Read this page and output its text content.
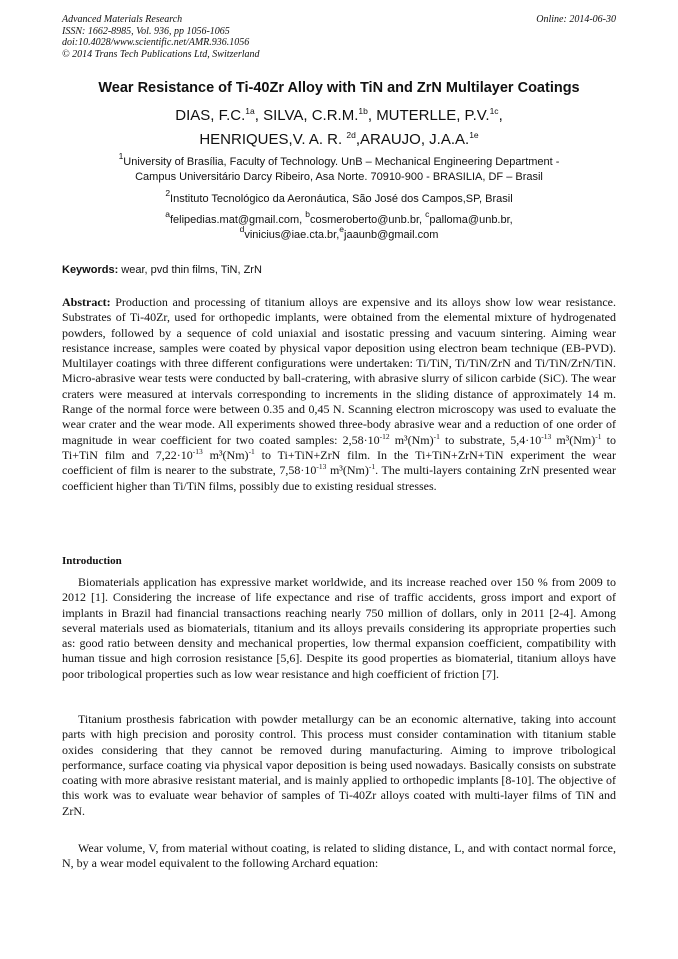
Advanced Materials Research
ISSN: 1662-8985, Vol. 936, pp 1056-1065
doi:10.4028/www.scientific.net/AMR.936.1056
© 2014 Trans Tech Publications Ltd, Switzerland
Online: 2014-06-30
Wear Resistance of Ti-40Zr Alloy with TiN and ZrN Multilayer Coatings
DIAS, F.C.$^{1a}$, SILVA, C.R.M.$^{1b}$, MUTERLLE, P.V.$^{1c}$,
HENRIQUES,V. A. R. $^{2d}$,ARAUJO, J.A.A.$^{1e}$
$^1$University of Brasília, Faculty of Technology. UnB – Mechanical Engineering Department -
Campus Universitário Darcy Ribeiro, Asa Norte. 70910-900 - BRASILIA, DF – Brasil
$^2$Instituto Tecnológico da Aeronáutica, São José dos Campos,SP, Brasil
$^a$felipedias.mat@gmail.com, $^b$cosmeroberto@unb.br, $^c$palloma@unb.br,
$^d$vinicius@iae.cta.br,$^e$jaaunb@gmail.com
Keywords: wear, pvd thin films, TiN, ZrN
Abstract: Production and processing of titanium alloys are expensive and its alloys show low wear resistance. Substrates of Ti-40Zr, used for orthopedic implants, were obtained from the elemental mixture of hydrogenated powders, followed by a sequence of cold uniaxial and isostatic pressing and vacuum sintering. Aiming wear resistance increase, samples were coated by physical vapor deposition using electron beam technique (EB-PVD). Multilayer coatings with three different configurations were undertaken: Ti/TiN, Ti/TiN/ZrN and Ti/TiN/ZrN/TiN. Micro-abrasive wear tests were conducted by ball-cratering, with abrasive slurry of silicon carbide (SiC). The wear craters were measured at intervals corresponding to increments in the sliding distance of approximately 14 m. Range of the normal force were between 0.35 and 0,45 N. Scanning electron microscopy was used to evaluate the wear crater and the wear mode. All experiments showed three-body abrasive wear and a reduction of one order of magnitude in wear coefficient for two coated samples: $2,58\cdot 10^{-12}$ $m^3(Nm)^{-1}$ to substrate, $5,4\cdot 10^{-13}$ $m^3(Nm)^{-1}$ to Ti+TiN film and $7,22\cdot 10^{-13}$ $m^3(Nm)^{-1}$ to Ti+TiN+ZrN film. In the Ti+TiN+ZrN+TiN experiment the wear coefficient of film is nearer to the substrate, $7,58\cdot 10^{-13}$ $m^3(Nm)^{-1}$. The multi-layers containing ZrN presented wear coefficient higher than Ti/TiN films, possibly due to existing residual stresses.
Introduction
Biomaterials application has expressive market worldwide, and its increase reached over 150 % from 2009 to 2012 [1]. Considering the increase of life expectance and rise of traffic accidents, gross import and export of implants in Brazil had financial transactions reaching nearly 750 million of dollars, only in 2011 [2-4]. Among several materials used as biomaterials, titanium and its alloys prevails considering its appropriate properties such as: good ratio between density and mechanical properties, low thermal expansion coefficient, compatibility with human tissue and high corrosion resistance [5,6]. Despite its good properties as biomaterial, titanium alloys have poor tribological properties such as low wear resistance and high coefficient of friction [7].
Titanium prosthesis fabrication with powder metallurgy can be an economic alternative, taking into account parts with high precision and porosity control. This process must consider contamination with titanium stable oxides considering that they cannot be removed during manufacturing. Aiming to improve tribological performance, surface coating via physical vapor deposition is being used nowadays. Basically consists on substrate coating with more abrasive resistant material, and is mainly applied to orthopedic implants [8-10]. The objective of this work was to evaluate wear behavior of samples of Ti-40Zr alloys coated with multi-layer films of TiN and ZrN.
Wear volume, V, from material without coating, is related to sliding distance, L, and with contact normal force, N, by a wear model equivalent to the following Archard equation:
